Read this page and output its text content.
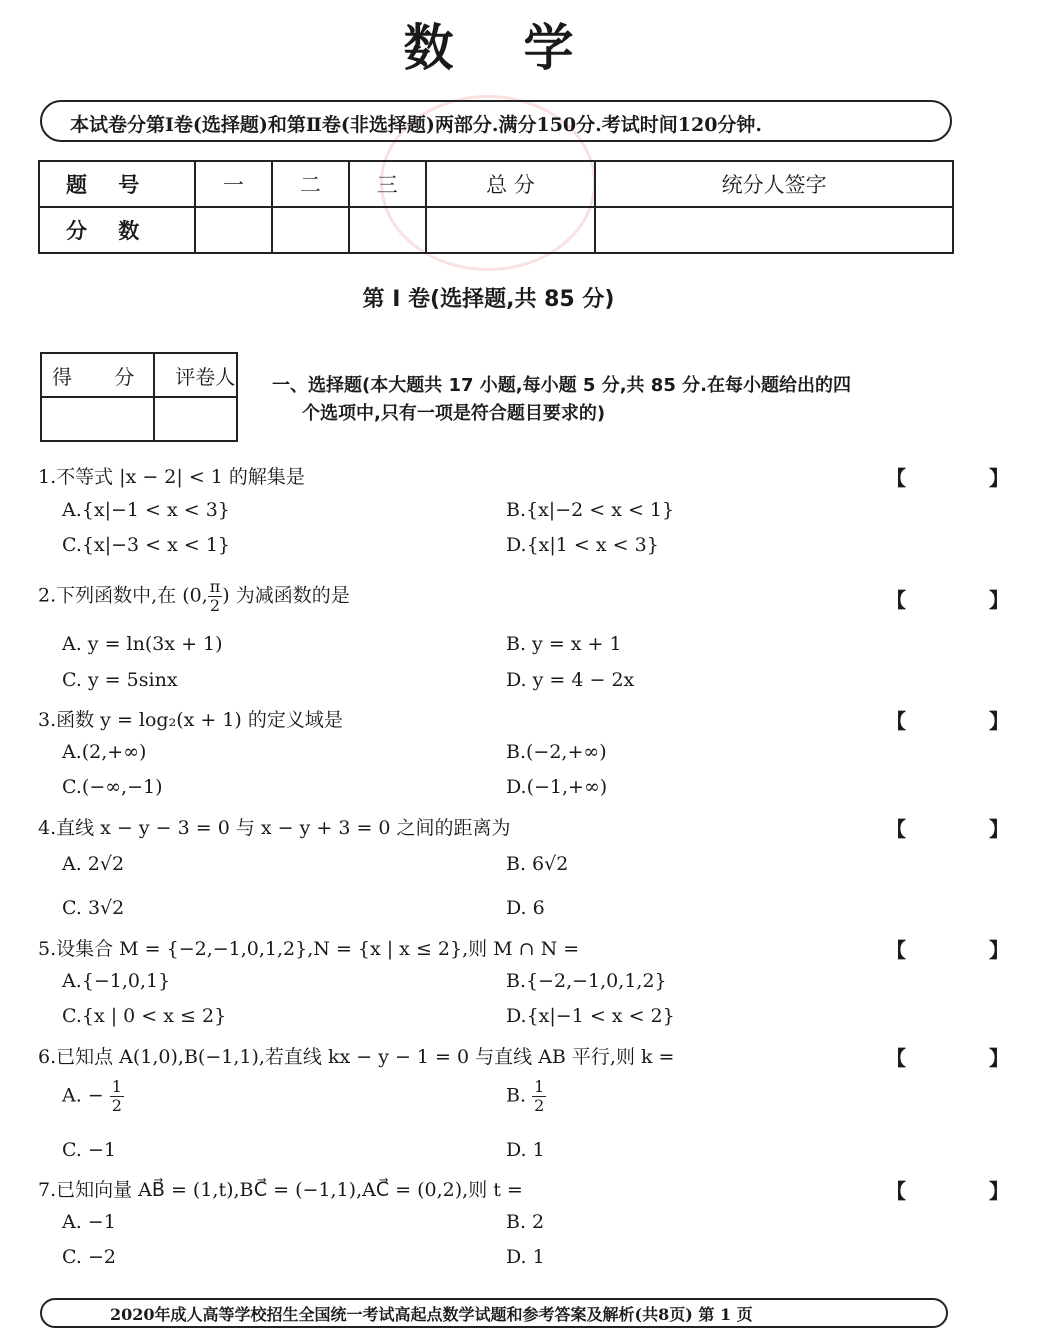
数学
本试卷分第Ⅰ卷(选择题)和第Ⅱ卷(非选择题)两部分.满分150分.考试时间120分钟.
题 号	一	二	三	总 分	统分人签字
分 数					
第 Ⅰ 卷(选择题,共 85 分)
得 分	评卷人
	一、选择题(本大题共 17 小题,每小题 5 分,共 85 分.在每小题给出的四
个选项中,只有一项是符合题目要求的)
1.不等式 |x − 2| < 1 的解集是	【 】
A.{x|−1 < x < 3}	B.{x|−2 < x < 1}
C.{x|−3 < x < 1}	D.{x|1 < x < 3}
2.下列函数中,在 (0, $\frac{\pi}{2}$ ) 为减函数的是	【 】
A. y = ln(3x + 1)	B. y = x + 1
C. y = 5sinx	D. y = 4 − 2x
3.函数 y = log₂(x + 1) 的定义域是	【 】
A.(2,+∞)	B.(−2,+∞)
C.(−∞,−1)	D.(−1,+∞)
4.直线 x − y − 3 = 0 与 x − y + 3 = 0 之间的距离为	【 】
A. 2√2	B. 6√2
C. 3√2	D. 6
5.设集合 M = {−2,−1,0,1,2},N = {x | x ≤ 2},则 M ∩ N =	【 】
A.{−1,0,1}	B.{−2,−1,0,1,2}
C.{x | 0 < x ≤ 2}	D.{x|−1 < x < 2}
6.已知点 A(1,0),B(−1,1),若直线 kx − y − 1 = 0 与直线 AB 平行,则 k =	【 】
A. − $\frac{1}{2}$	B. $\frac{1}{2}$
C. −1	D. 1
7.已知向量 AB⃗ = (1,t),BC⃗ = (−1,1),AC⃗ = (0,2),则 t =	【 】
A. −1	B. 2
C. −2	D. 1
2020年成人高等学校招生全国统一考试高起点数学试题和参考答案及解析(共8页) 第 1 页
